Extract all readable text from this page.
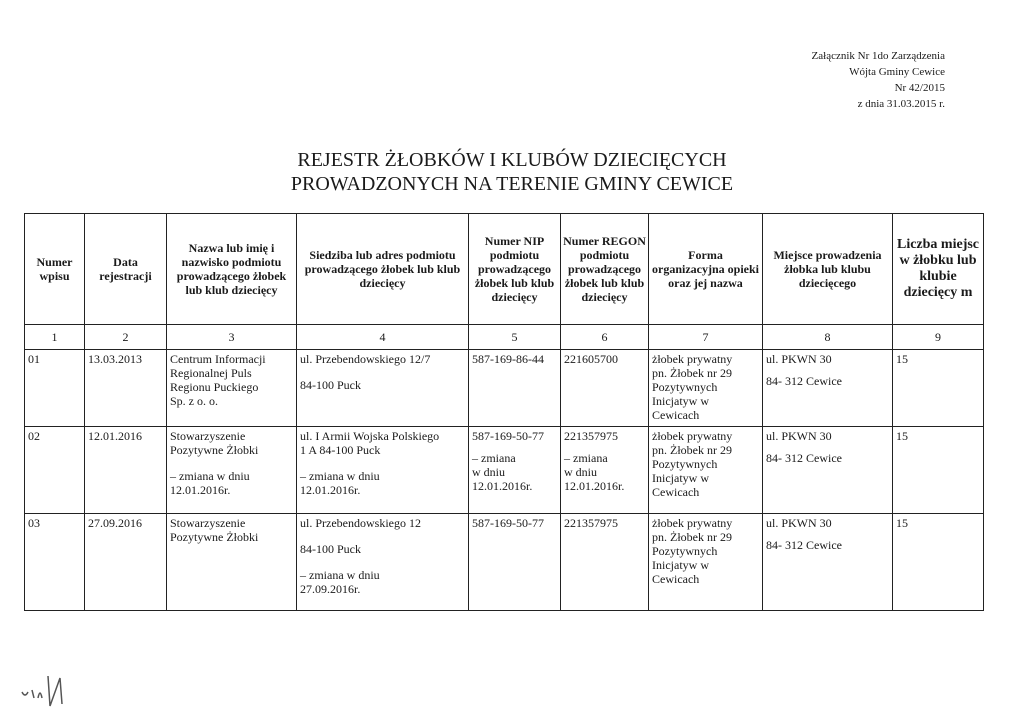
Załącznik Nr 1do Zarządzenia
Wójta Gminy Cewice
Nr 42/2015
z dnia 31.03.2015 r.
REJESTR ŻŁOBKÓW I KLUBÓW DZIECIĘCYCH
PROWADZONYCH NA TERENIE GMINY CEWICE
Numer wpisu	Data rejestracji	Nazwa lub imię i nazwisko podmiotu prowadzącego żłobek lub klub dziecięcy	Siedziba lub adres podmiotu prowadzącego żłobek lub klub dziecięcy	Numer NIP podmiotu prowadzącego żłobek lub klub dziecięcy	Numer REGON podmiotu prowadzącego żłobek lub klub dziecięcy	Forma organizacyjna opieki oraz jej nazwa	Miejsce prowadzenia żłobka lub klubu dziecięcego	Liczba miejsc w żłobku lub klubie dziecięcy m
1	2	3	4	5	6	7	8	9
01	13.03.2013	Centrum Informacji
Regionalnej Puls
Regionu Puckiego
Sp. z o. o.	ul. Przebendowskiego 12/7
84-100 Puck	587-169-86-44	221605700	żłobek prywatny
pn. Żłobek nr 29
Pozytywnych
Inicjatyw w
Cewicach	ul. PKWN 30
84- 312 Cewice	15
02	12.01.2016	Stowarzyszenie
Pozytywne Żłobki
– zmiana w dniu
12.01.2016r.	ul. I Armii Wojska Polskiego
1 A 84-100 Puck
– zmiana w dniu
12.01.2016r.	587-169-50-77
– zmiana
w dniu
12.01.2016r.	221357975
– zmiana
w dniu
12.01.2016r.	żłobek prywatny
pn. Żłobek nr 29
Pozytywnych
Inicjatyw w
Cewicach	ul. PKWN 30
84- 312 Cewice	15
03	27.09.2016	Stowarzyszenie
Pozytywne Żłobki	ul. Przebendowskiego 12
84-100 Puck
– zmiana w dniu
27.09.2016r.	587-169-50-77	221357975	żłobek prywatny
pn. Żłobek nr 29
Pozytywnych
Inicjatyw w
Cewicach	ul. PKWN 30
84- 312 Cewice	15
